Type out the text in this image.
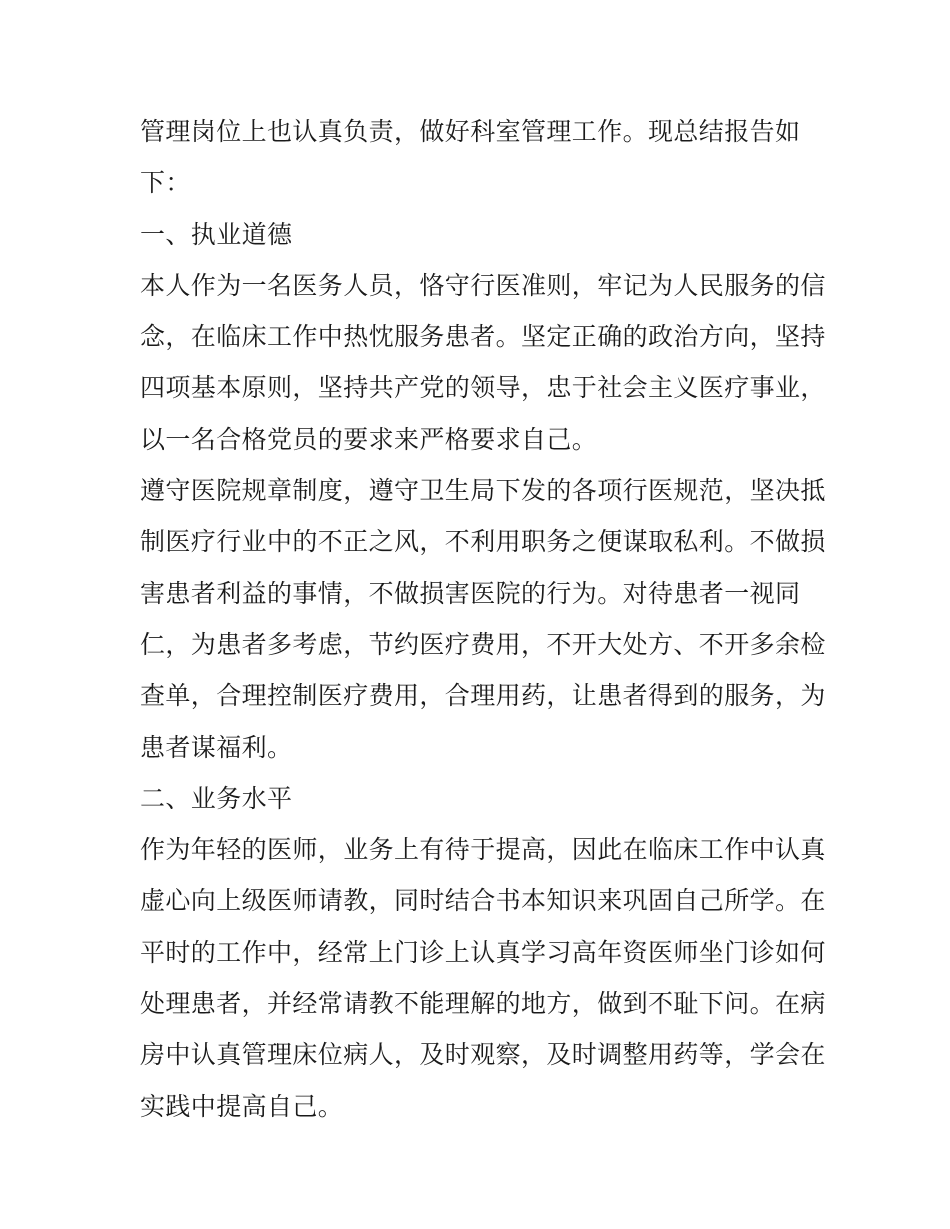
管理岗位上也认真负责，做好科室管理工作。现总结报告如
下：
一、执业道德
本人作为一名医务人员，恪守行医准则，牢记为人民服务的信
念，在临床工作中热忱服务患者。坚定正确的政治方向，坚持
四项基本原则，坚持共产党的领导，忠于社会主义医疗事业，
以一名合格党员的要求来严格要求自己。
遵守医院规章制度，遵守卫生局下发的各项行医规范，坚决抵
制医疗行业中的不正之风，不利用职务之便谋取私利。不做损
害患者利益的事情，不做损害医院的行为。对待患者一视同
仁，为患者多考虑，节约医疗费用，不开大处方、不开多余检
查单，合理控制医疗费用，合理用药，让患者得到的服务，为
患者谋福利。
二、业务水平
作为年轻的医师，业务上有待于提高，因此在临床工作中认真
虚心向上级医师请教，同时结合书本知识来巩固自己所学。在
平时的工作中，经常上门诊上认真学习高年资医师坐门诊如何
处理患者，并经常请教不能理解的地方，做到不耻下问。在病
房中认真管理床位病人，及时观察，及时调整用药等，学会在
实践中提高自己。
